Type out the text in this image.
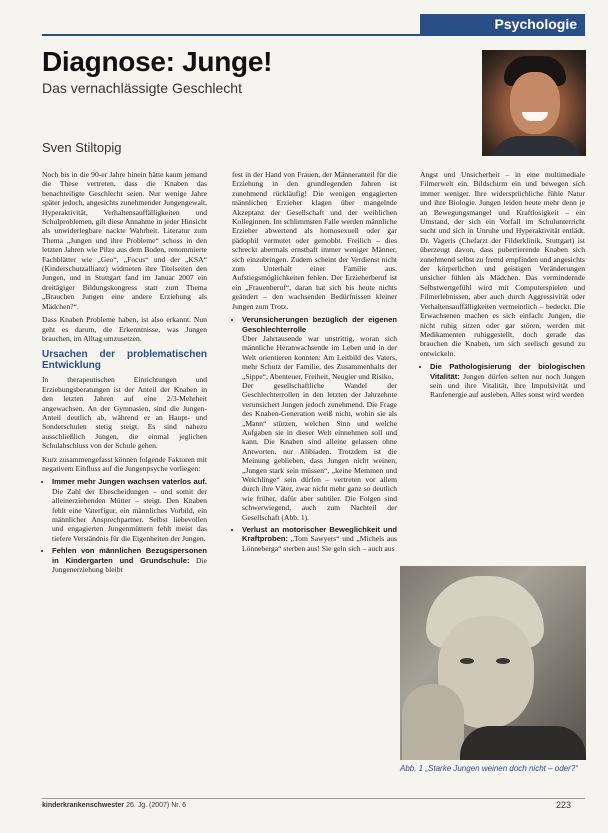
Psychologie
Diagnose: Junge!
Das vernachlässigte Geschlecht
Sven Stiltopig

Noch bis in die 90-er Jahre hinein hätte kaum jemand die These vertreten, dass die Knaben das benachteiligte Geschlecht seien. Nur wenige Jahre später jedoch, angesichts zunehmender Jungengewalt, Hyperaktivität, Verhaltensauffälligkeiten und Schulproblemen, gilt diese Annahme in jeder Hinsicht als unwiderlegbare nackte Wahrheit. Literatur zum Thema „Jungen und ihre Probleme“ schoss in den letzten Jahren wie Pilze aus dem Boden, renommierte Fachblätter wie „Geo“, „Focus“ und der „KSA“ (Kinderschutzallianz) widmeten ihre Titelseiten den Jungen, und in Stuttgart fand im Januar 2007 ein dreitägiger Bildungskongress statt zum Thema „Brauchen Jungen eine andere Erziehung als Mädchen?“.

Dass Knaben Probleme haben, ist also erkannt. Nun geht es darum, die Erkenntnisse, was Jungen brauchen, im Alltag umzusetzen.

Ursachen der problematischen Entwicklung

In therapeutischen Einrichtungen und Erziehungsberatungen ist der Anteil der Knaben in den letzten Jahren auf eine 2/3-Mehrheit angewachsen. An der Gymnasien, sind die Jungen-Anteil deutlich ab, während er an Haupt- und Sonderschulen stetig steigt. Es sind nahezu ausschließlich Jungen, die einmal jeglichen Schulabschluss von der Schule gehen.

Kurz zusammengefasst können folgende Faktoren mit negativem Einfluss auf die Jungenpsyche vorliegen:

• Immer mehr Jungen wachsen vaterlos auf. Die Zahl der Ehescheidungen – und somit der alleinerziehenden Mütter – steigt. Den Knaben fehlt eine Vaterfigur, ein männliches Vorbild, ein männlicher Ansprechpartner. Selbst liebevollen und engagierten Jungenmüttern fehlt meist das tiefere Verständnis für die Eigenheiten der Jungen.
• Fehlen von männlichen Bezugspersonen in Kindergarten und Grundschule: Die Jungenerziehung bleibt

fest in der Hand von Frauen, der Männeranteil für die Erziehung in den grundlegenden Jahren ist zunehmend rückläufig! Die wenigen engagierten männlichen Erzieher klagen über mangelnde Akzeptanz der Gesellschaft und der weiblichen Kolleginnen. Im schlimmsten Falle werden männliche Erzieher abwertend als homosexuell oder gar pädophil vermutet oder gemobbt. Freilich – dies schreckt abermals ernsthaft immer weniger Männer, sich einzubringen. Zudem scheint der Verdienst nicht zum Unterhalt einer Familie aus. Aufstiegsmöglichkeiten fehlen. Der Erzieherberuf ist ein „Frauenberuf“, daran hat sich bis heute nichts geändert – den wachsenden Bedürfnissen kleiner Jungen zum Trotz.

• Verunsicherungen bezüglich der eigenen Geschlechterrolle
Über Jahrtausende war unstrittig, woran sich männliche Heranwachsende im Leben und in der Welt orientieren konnten: Am Leitbild des Vaters, mehr Schutz der Familie, des Zusammenhalts der „Sippe“, Abenteuer, Freiheit, Neugier und Risiko.
Der gesellschaftliche Wandel der Geschlechterrollen in den letzten der Jahrzehnte verunsichert Jungen jedoch zunehmend. Die Frage des Knaben-Generation weiß nicht, wohin sie als „Mann“ stürzen, welchen Sinn und welche Aufgaben sie in dieser Welt einnehmen soll und kann. Die Knaben sind alleine gelassen ohne Antworten, nur Alibiaden. Trotzdem ist die Meinung geblieben, dass Jungen nicht weinen, „Jungen stark sein müssen“, „keine Memmen und Weichlinge“ sein dürfen – vertreten vor allem durch ihre Väter, zwar nicht mehr ganz so deutlich wie früher, dafür aber subtiler. Die Folgen sind schwerwiegend, auch zum Nachteil der Gesellschaft (Abb. 1).
• Verlust an motorischer Beweglichkeit und Kraftproben: „Tom Sawyers“ und „Michels aus Lönneberga“ sterben aus! Sie geln sich – auch aus

Angst und Unsicherheit – in eine multimediale Filmerwelt ein. Bildschirm ein und bewegen sich immer weniger. Ihre widersprüchliche fühle Natur und ihre Biologie. Jungen leiden heute mehr denn je an Bewegungsmangel und Kraftlosigkeit – ein Umstand, der sich ein Vorfall im Schulunterricht sucht und sich in Unruhe und Hyperaktivität entlädt. Dr. Vageris (Chefarzt der Filderklinik, Stuttgart) ist überzeugt davon, dass pubertierende Knaben sich zunehmend selbst zu fremd empfinden und angesichts der körperlichen und geistigen Veränderungen unsicher fühlen als Mädchen. Das vermindernde Selbstwertgefühl wird mit Computerspielen und Filmerlebnissen, aber auch durch Aggressivität oder Verhaltensauffälligkeiten vermeintlich – bedeckt. Die Erwachsenen machen es sich einfach: Jungen, die nicht ruhig sitzen oder gar stören, werden mit Medikamenten ruhiggestellt, doch gerade das brauchen die Knaben, um sich seelisch gesund zu entwickeln.

• Die Pathologisierung der biologischen Vitalität: Jungen dürfen selten nur noch Jungen sein und ihre Vitalität, ihre Impulsivität und Raufenergie auf ausleben. Alles sonst wird werden
Abb. 1 „Starke Jungen weinen doch nicht – oder?“
kinderkrankenschwester 26. Jg. (2007) Nr. 6	223
